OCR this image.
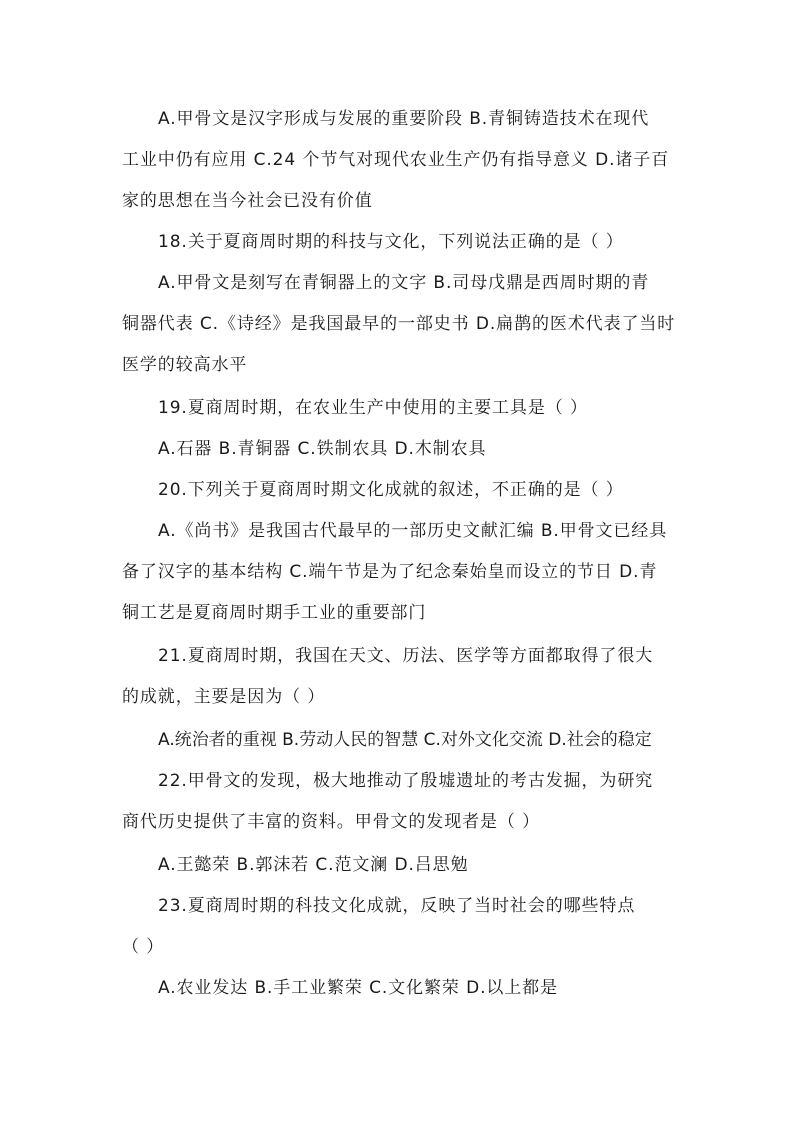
A.甲骨文是汉字形成与发展的重要阶段 B.青铜铸造技术在现代
工业中仍有应用 C.24 个节气对现代农业生产仍有指导意义 D.诸子百
家的思想在当今社会已没有价值
18.关于夏商周时期的科技与文化，下列说法正确的是（ ）
A.甲骨文是刻写在青铜器上的文字 B.司母戊鼎是西周时期的青
铜器代表 C.《诗经》是我国最早的一部史书 D.扁鹊的医术代表了当时
医学的较高水平
19.夏商周时期，在农业生产中使用的主要工具是（ ）
A.石器 B.青铜器 C.铁制农具 D.木制农具
20.下列关于夏商周时期文化成就的叙述，不正确的是（ ）
A.《尚书》是我国古代最早的一部历史文献汇编 B.甲骨文已经具
备了汉字的基本结构 C.端午节是为了纪念秦始皇而设立的节日 D.青
铜工艺是夏商周时期手工业的重要部门
21.夏商周时期，我国在天文、历法、医学等方面都取得了很大
的成就，主要是因为（ ）
A.统治者的重视 B.劳动人民的智慧 C.对外文化交流 D.社会的稳定
22.甲骨文的发现，极大地推动了殷墟遗址的考古发掘，为研究
商代历史提供了丰富的资料。甲骨文的发现者是（ ）
A.王懿荣 B.郭沫若 C.范文澜 D.吕思勉
23.夏商周时期的科技文化成就，反映了当时社会的哪些特点
（ ）
A.农业发达 B.手工业繁荣 C.文化繁荣 D.以上都是
